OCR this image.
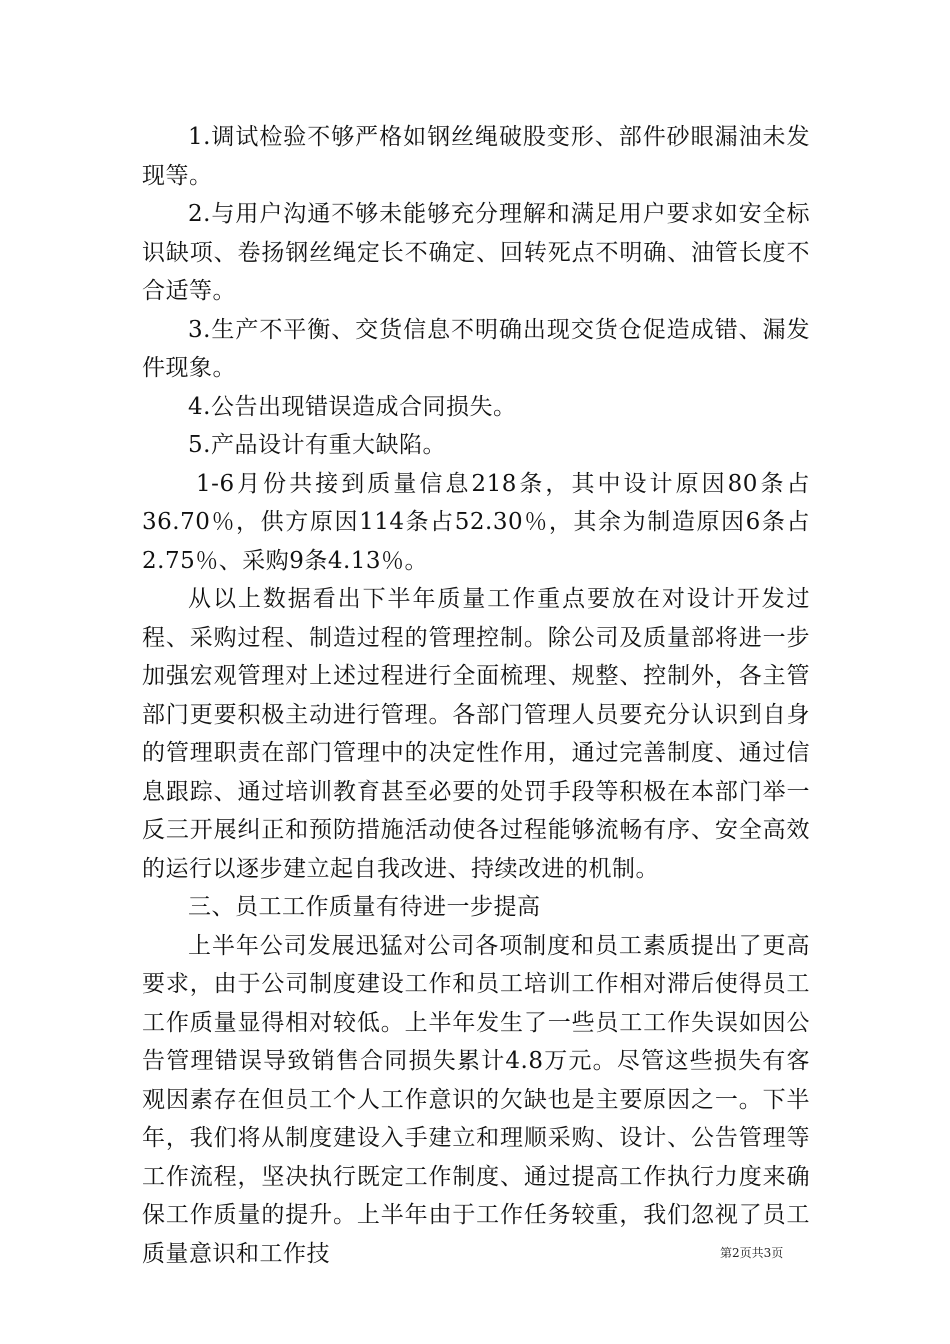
1.调试检验不够严格如钢丝绳破股变形、部件砂眼漏油未发现等。

2.与用户沟通不够未能够充分理解和满足用户要求如安全标识缺项、卷扬钢丝绳定长不确定、回转死点不明确、油管长度不合适等。

3.生产不平衡、交货信息不明确出现交货仓促造成错、漏发件现象。

4.公告出现错误造成合同损失。

5.产品设计有重大缺陷。

1-6月份共接到质量信息218条，其中设计原因80条占36.70％，供方原因114条占52.30％，其余为制造原因6条占2.75％、采购9条4.13％。

从以上数据看出下半年质量工作重点要放在对设计开发过程、采购过程、制造过程的管理控制。除公司及质量部将进一步加强宏观管理对上述过程进行全面梳理、规整、控制外，各主管部门更要积极主动进行管理。各部门管理人员要充分认识到自身的管理职责在部门管理中的决定性作用，通过完善制度、通过信息跟踪、通过培训教育甚至必要的处罚手段等积极在本部门举一反三开展纠正和预防措施活动使各过程能够流畅有序、安全高效的运行以逐步建立起自我改进、持续改进的机制。

三、员工工作质量有待进一步提高

上半年公司发展迅猛对公司各项制度和员工素质提出了更高要求，由于公司制度建设工作和员工培训工作相对滞后使得员工工作质量显得相对较低。上半年发生了一些员工工作失误如因公告管理错误导致销售合同损失累计4.8万元。尽管这些损失有客观因素存在但员工个人工作意识的欠缺也是主要原因之一。下半年，我们将从制度建设入手建立和理顺采购、设计、公告管理等工作流程，坚决执行既定工作制度、通过提高工作执行力度来确保工作质量的提升。上半年由于工作任务较重，我们忽视了员工质量意识和工作技	第2页共3页
